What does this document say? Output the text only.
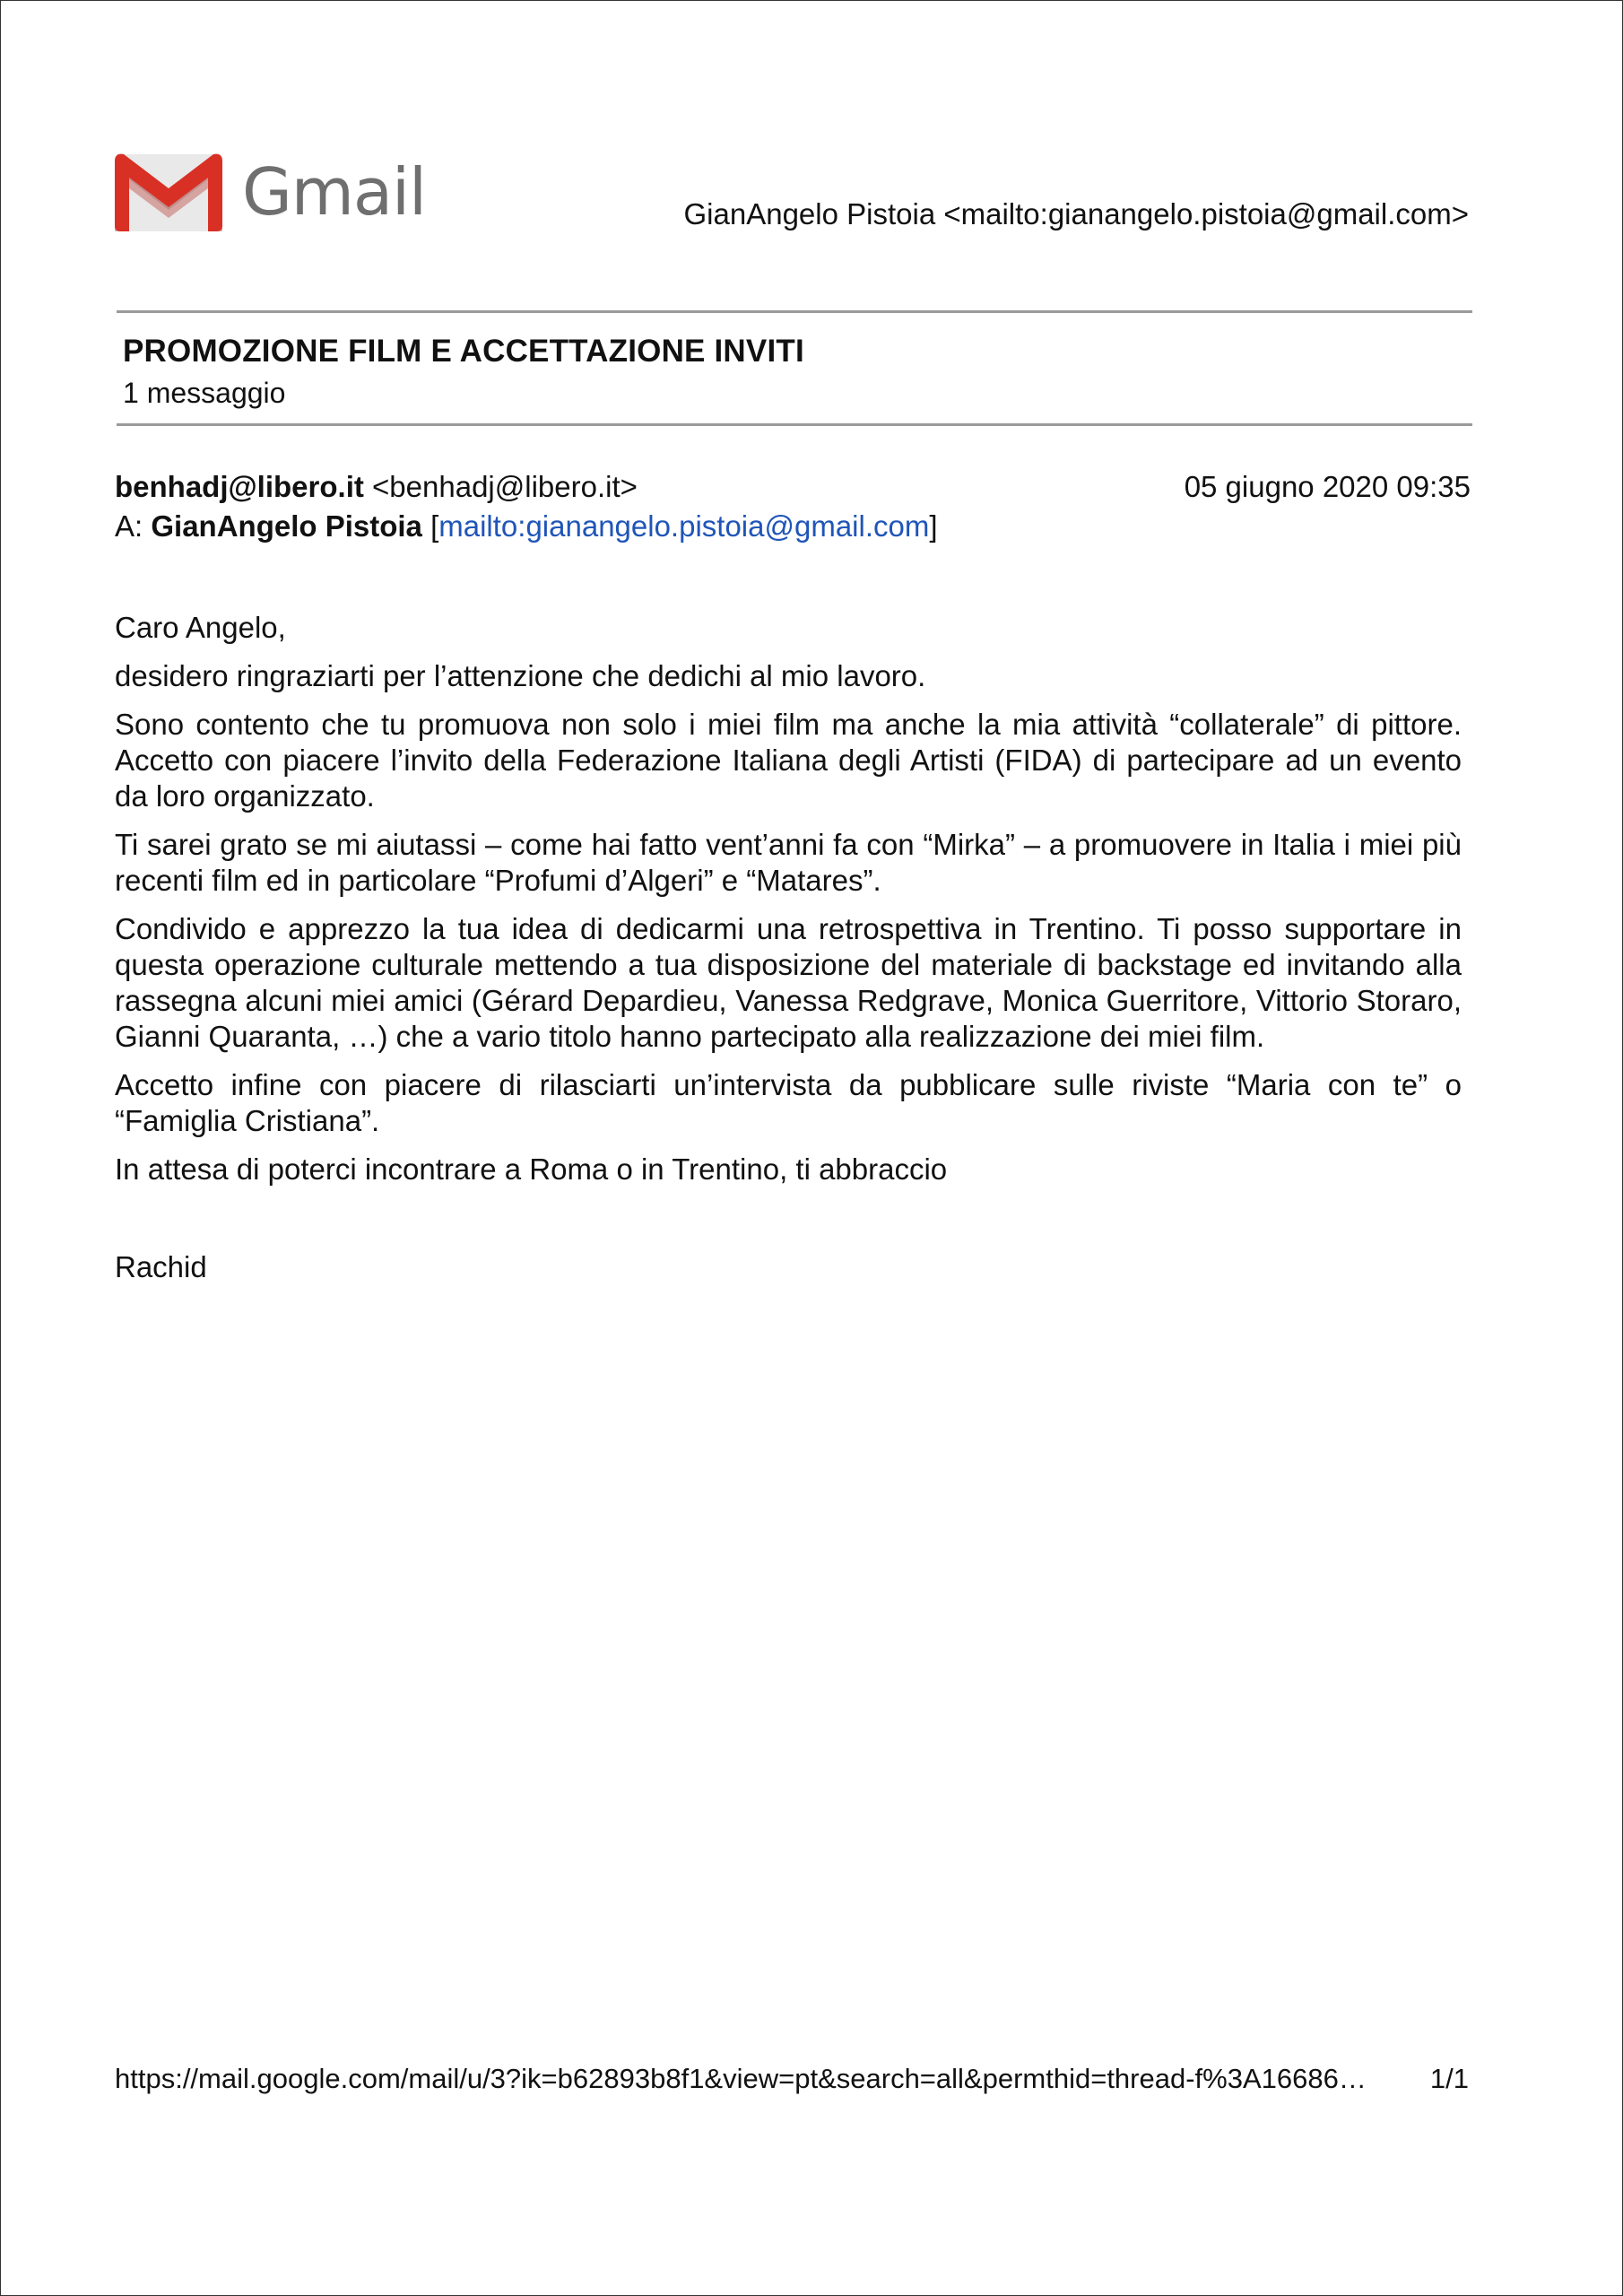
Gmail	GianAngelo Pistoia <mailto:gianangelo.pistoia@gmail.com>
PROMOZIONE FILM E ACCETTAZIONE INVITI
1 messaggio
benhadj@libero.it <benhadj@libero.it>	05 giugno 2020 09:35
A: GianAngelo Pistoia [mailto:gianangelo.pistoia@gmail.com]

Caro Angelo,

desidero ringraziarti per l’attenzione che dedichi al mio lavoro.

Sono contento che tu promuova non solo i miei film ma anche la mia attività “collaterale” di pittore. Accetto con piacere l’invito della Federazione Italiana degli Artisti (FIDA) di partecipare ad un evento da loro organizzato.

Ti sarei grato se mi aiutassi – come hai fatto vent’anni fa con “Mirka” – a promuovere in Italia i miei più recenti film ed in particolare “Profumi d’Algeri” e “Matares”.

Condivido e apprezzo la tua idea di dedicarmi una retrospettiva in Trentino. Ti posso supportare in questa operazione culturale mettendo a tua disposizione del materiale di backstage ed invitando alla rassegna alcuni miei amici (Gérard Depardieu, Vanessa Redgrave, Monica Guerritore, Vittorio Storaro, Gianni Quaranta, …) che a vario titolo hanno partecipato alla realizzazione dei miei film.

Accetto infine con piacere di rilasciarti un’intervista da pubblicare sulle riviste “Maria con te” o “Famiglia Cristiana”.

In attesa di poterci incontrare a Roma o in Trentino, ti abbraccio

Rachid
https://mail.google.com/mail/u/3?ik=b62893b8f1&view=pt&search=all&permthid=thread-f%3A16686… 1/1
